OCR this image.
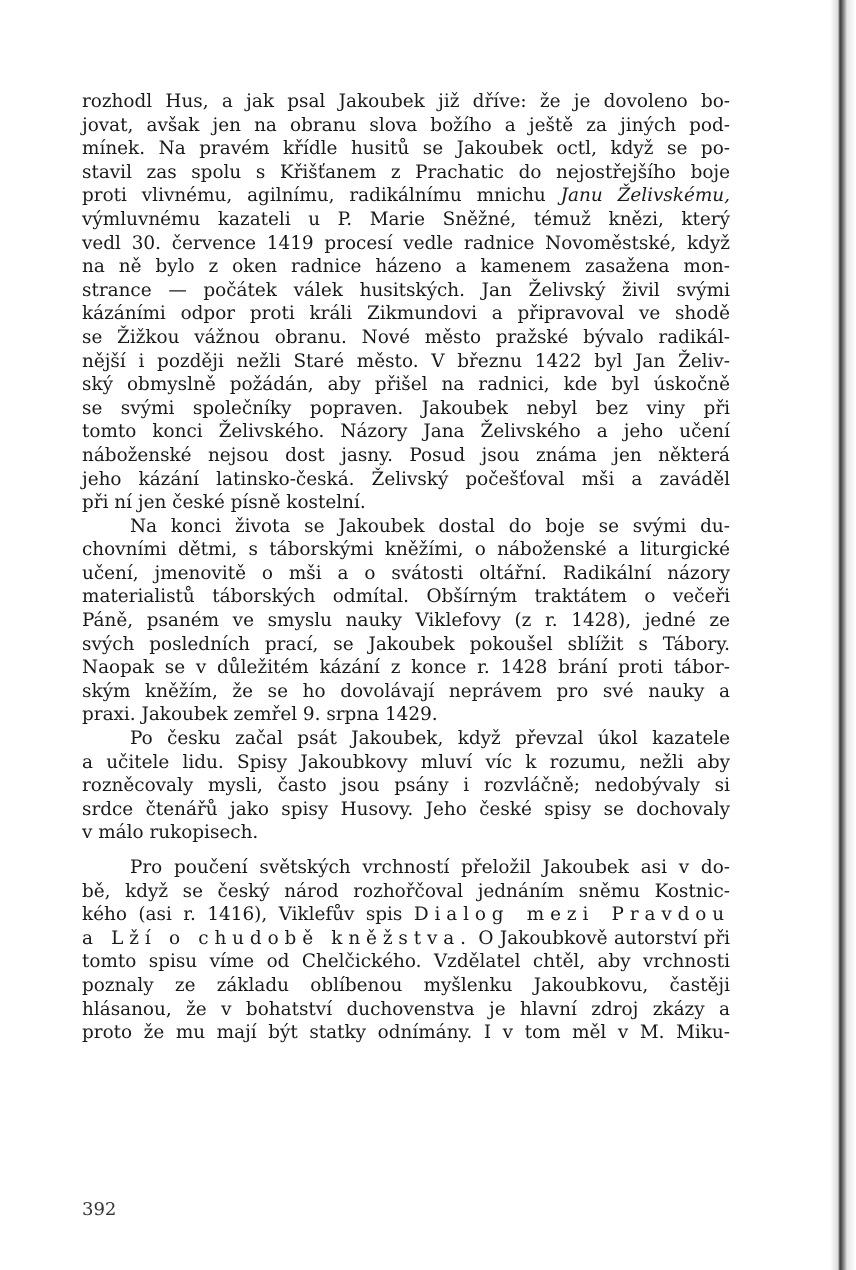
rozhodl Hus, a jak psal Jakoubek již dříve: že je dovoleno bo-
jovat, avšak jen na obranu slova božího a ještě za jiných pod-
mínek. Na pravém křídle husitů se Jakoubek octl, když se po-
stavil zas spolu s Křišťanem z Prachatic do nejostřejšího boje
proti vlivnému, agilnímu, radikálnímu mnichu Janu Želivskému,
výmluvnému kazateli u P. Marie Sněžné, témuž knězi, který
vedl 30. července 1419 procesí vedle radnice Novoměstské, když
na ně bylo z oken radnice házeno a kamenem zasažena mon-
strance — počátek válek husitských. Jan Želivský živil svými
kázáními odpor proti králi Zikmundovi a připravoval ve shodě
se Žižkou vážnou obranu. Nové město pražské bývalo radikál-
nější i později nežli Staré město. V březnu 1422 byl Jan Želiv-
ský obmyslně požádán, aby přišel na radnici, kde byl úskočně
se svými společníky popraven. Jakoubek nebyl bez viny při
tomto konci Želivského. Názory Jana Želivského a jeho učení
náboženské nejsou dost jasny. Posud jsou známa jen některá
jeho kázání latinsko-česká. Želivský počešťoval mši a zaváděl
při ní jen české písně kostelní.
Na konci života se Jakoubek dostal do boje se svými du-
chovními dětmi, s táborskými kněžími, o náboženské a liturgické
učení, jmenovitě o mši a o svátosti oltářní. Radikální názory
materialistů táborských odmítal. Obšírným traktátem o večeři
Páně, psaném ve smyslu nauky Viklefovy (z r. 1428), jedné ze
svých posledních prací, se Jakoubek pokoušel sblížit s Tábory.
Naopak se v důležitém kázání z konce r. 1428 brání proti tábor-
ským kněžím, že se ho dovolávají neprávem pro své nauky a
praxi. Jakoubek zemřel 9. srpna 1429.
Po česku začal psát Jakoubek, když převzal úkol kazatele
a učitele lidu. Spisy Jakoubkovy mluví víc k rozumu, nežli aby
rozněcovaly mysli, často jsou psány i rozvláčně; nedobývaly si
srdce čtenářů jako spisy Husovy. Jeho české spisy se dochovaly
v málo rukopisech.
Pro poučení světských vrchností přeložil Jakoubek asi v do-
bě, když se český národ rozhořčoval jednáním sněmu Kostnic-
kého (asi r. 1416), Viklefův spis Dialog mezi Pravdou
a Lží o chudobě kněžstva. O Jakoubkově autorství při
tomto spisu víme od Chelčického. Vzdělatel chtěl, aby vrchnosti
poznaly ze základu oblíbenou myšlenku Jakoubkovu, častěji
hlásanou, že v bohatství duchovenstva je hlavní zdroj zkázy a
proto že mu mají být statky odnímány. I v tom měl v M. Miku-
392
